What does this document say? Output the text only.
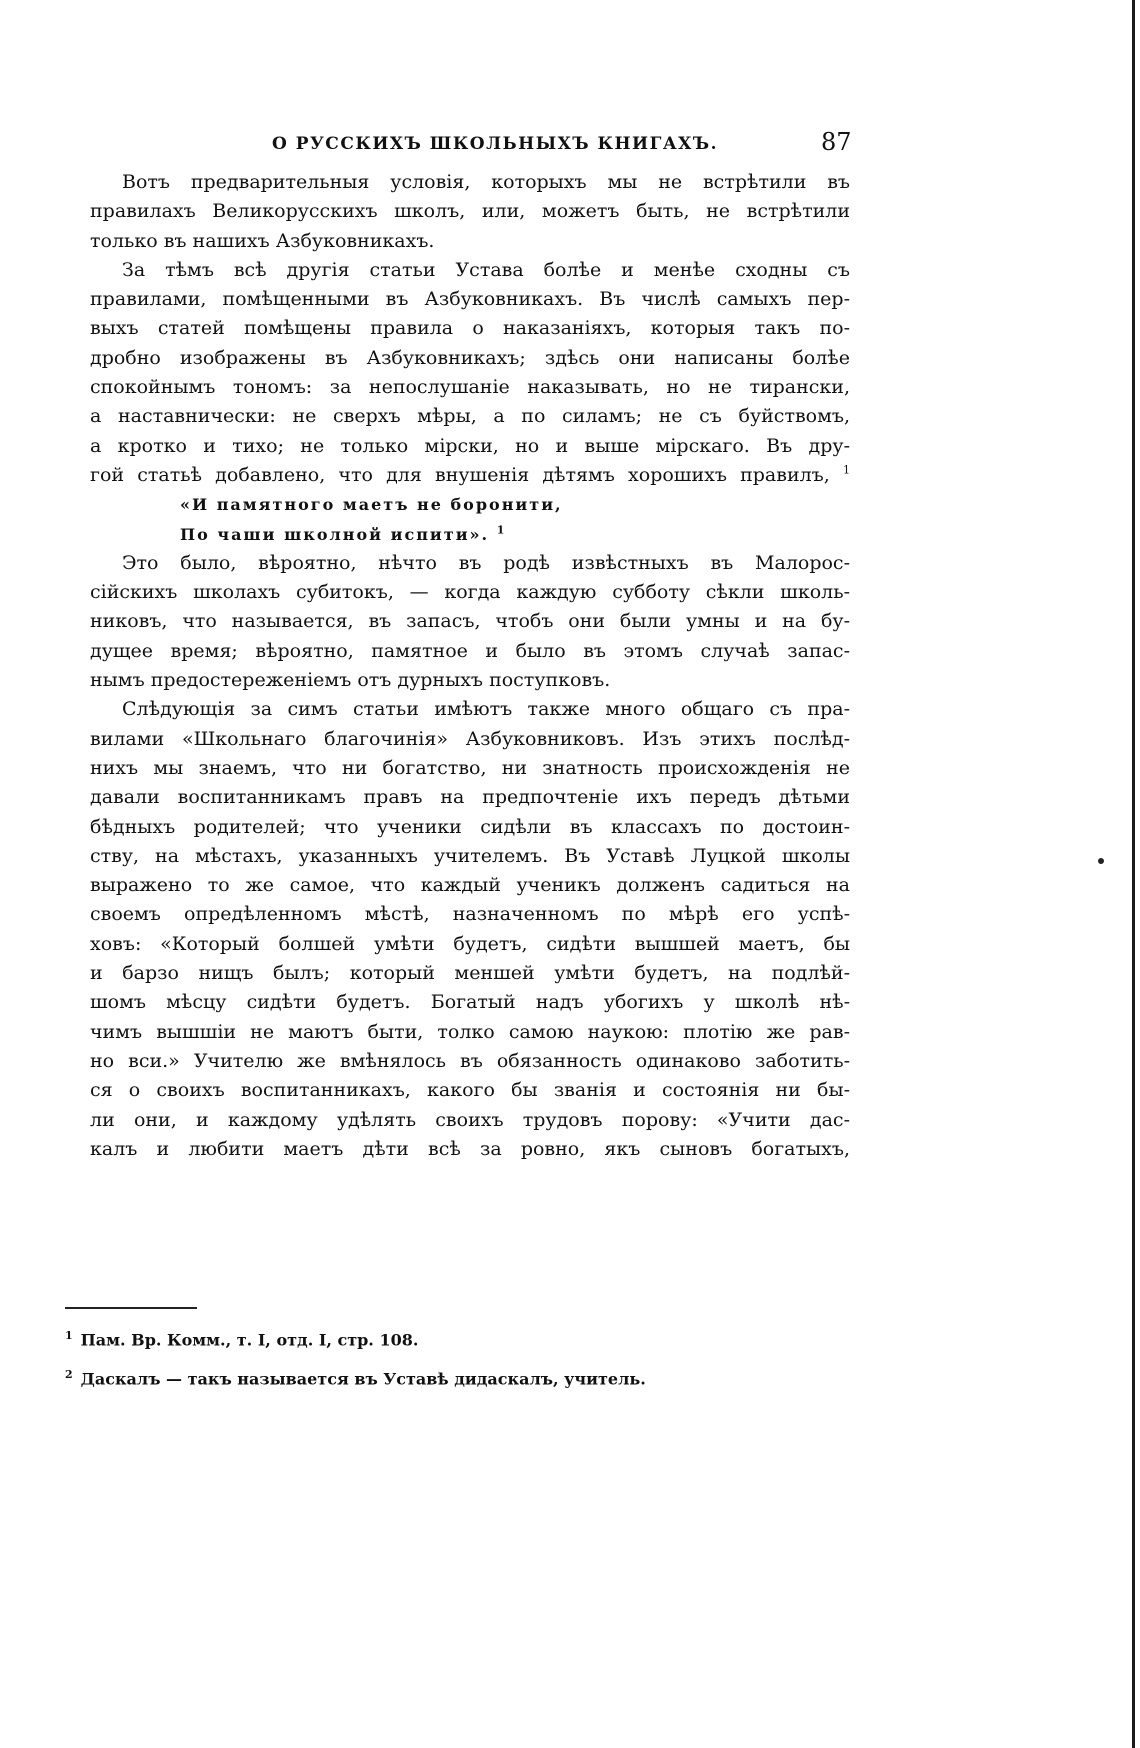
О РУССКИХЪ ШКОЛЬНЫХЪ КНИГАХЪ.	87
Вотъ предварительныя условія, которыхъ мы не встрѣтили въ
правилахъ Великорусскихъ школъ, или, можетъ быть, не встрѣтили
только въ нашихъ Азбуковникахъ.
За тѣмъ всѣ другія статьи Устава болѣе и менѣе сходны съ
правилами, помѣщенными въ Азбуковникахъ. Въ числѣ самыхъ пер-
выхъ статей помѣщены правила о наказаніяхъ, которыя такъ по-
дробно изображены въ Азбуковникахъ; здѣсь они написаны болѣе
спокойнымъ тономъ: за непослушаніе наказывать, но не тирански,
а наставнически: не сверхъ мѣры, а по силамъ; не съ буйствомъ,
а кротко и тихо; не только мірски, но и выше мірскаго. Въ дру-
гой статьѣ добавлено, что для внушенія дѣтямъ хорошихъ правилъ, $^1$
«И памятного маетъ не боронити,
По чаши школной испити». $^1$
Это было, вѣроятно, нѣчто въ родѣ извѣстныхъ въ Малорос-
сійскихъ школахъ субитокъ, — когда каждую субботу сѣкли школь-
никовъ, что называется, въ запасъ, чтобъ они были умны и на бу-
дущее время; вѣроятно, памятное и было въ этомъ случаѣ запас-
нымъ предостереженіемъ отъ дурныхъ поступковъ.
Слѣдующія за симъ статьи имѣютъ также много общаго съ пра-
вилами «Школьнаго благочинія» Азбуковниковъ. Изъ этихъ послѣд-
нихъ мы знаемъ, что ни богатство, ни знатность происхожденія не
давали воспитанникамъ правъ на предпочтеніе ихъ передъ дѣтьми
бѣдныхъ родителей; что ученики сидѣли въ классахъ по достоин-
ству, на мѣстахъ, указанныхъ учителемъ. Въ Уставѣ Луцкой школы
выражено то же самое, что каждый ученикъ долженъ садиться на
своемъ опредѣленномъ мѣстѣ, назначенномъ по мѣрѣ его успѣ-
ховъ: «Который болшей умѣти будетъ, сидѣти вышшей маетъ, бы
и барзо нищъ былъ; который меншей умѣти будетъ, на подлѣй-
шомъ мѣсцу сидѣти будетъ. Богатый надъ убогихъ у школѣ нѣ-
чимъ вышшіи не маютъ быти, толко самою наукою: плотію же рав-
но вси.» Учителю же вмѣнялось въ обязанность одинаково заботить-
ся о своихъ воспитанникахъ, какого бы званія и состоянія ни бы-
ли они, и каждому удѣлять своихъ трудовъ порову: «Учити дас-
калъ и любити маетъ дѣти всѣ за ровно, якъ сыновъ богатыхъ,
$^1$ Пам. Вр. Комм., т. I, отд. I, стр. 108.
$^2$ Даскалъ — такъ называется въ Уставѣ дидаскалъ, учитель.
